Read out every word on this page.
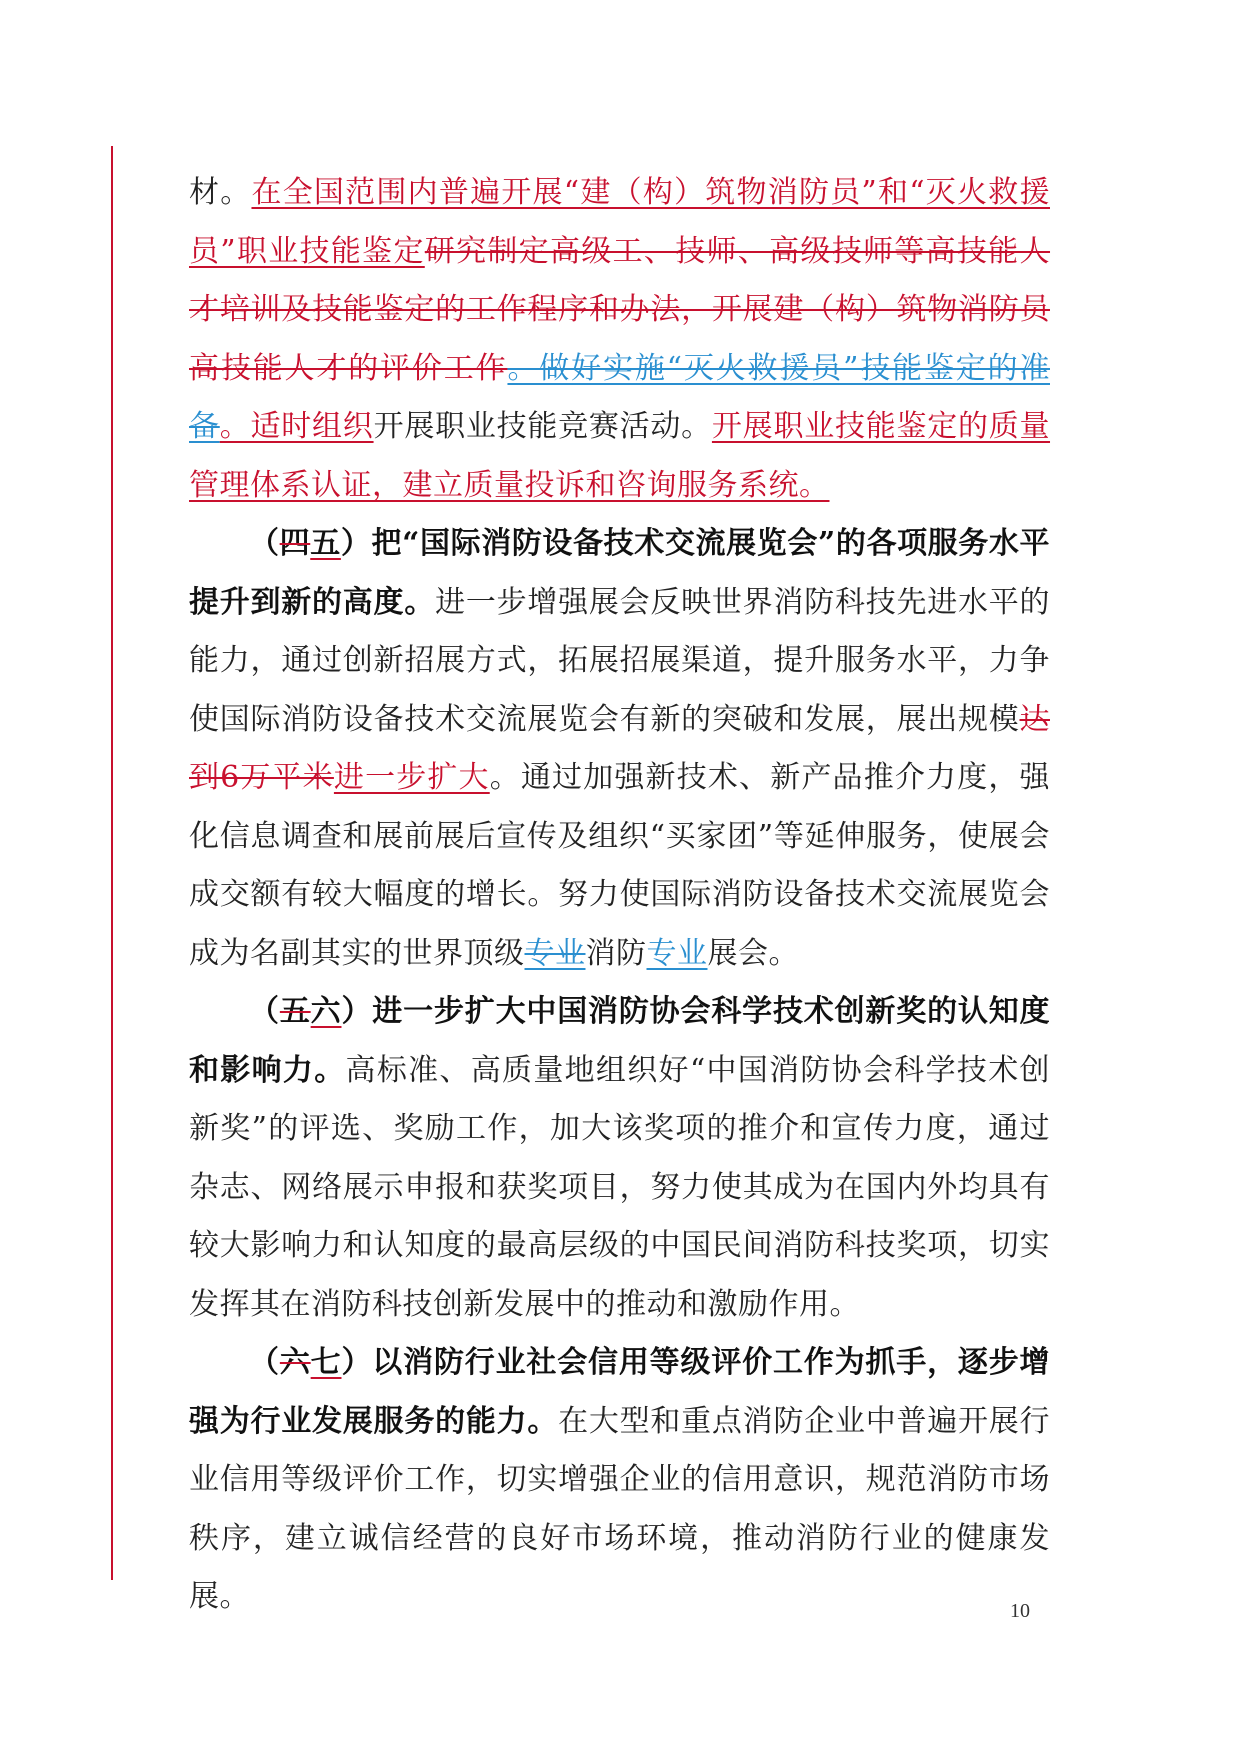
材。在全国范围内普遍开展“建（构）筑物消防员”和“灭火救援员”职业技能鉴定研究制定高级工、技师、高级技师等高技能人才培训及技能鉴定的工作程序和办法，开展建（构）筑物消防员高技能人才的评价工作。做好实施“灭火救援员”技能鉴定的准备。适时组织开展职业技能竞赛活动。开展职业技能鉴定的质量管理体系认证，建立质量投诉和咨询服务系统。

（四五）把“国际消防设备技术交流展览会”的各项服务水平提升到新的高度。进一步增强展会反映世界消防科技先进水平的能力，通过创新招展方式，拓展招展渠道，提升服务水平，力争使国际消防设备技术交流展览会有新的突破和发展，展出规模达到6万平米进一步扩大。通过加强新技术、新产品推介力度，强化信息调查和展前展后宣传及组织“买家团”等延伸服务，使展会成交额有较大幅度的增长。努力使国际消防设备技术交流展览会成为名副其实的世界顶级专业消防专业展会。

（五六）进一步扩大中国消防协会科学技术创新奖的认知度和影响力。高标准、高质量地组织好“中国消防协会科学技术创新奖”的评选、奖励工作，加大该奖项的推介和宣传力度，通过杂志、网络展示申报和获奖项目，努力使其成为在国内外均具有较大影响力和认知度的最高层级的中国民间消防科技奖项，切实发挥其在消防科技创新发展中的推动和激励作用。

（六七）以消防行业社会信用等级评价工作为抓手，逐步增强为行业发展服务的能力。在大型和重点消防企业中普遍开展行业信用等级评价工作，切实增强企业的信用意识，规范消防市场秩序，建立诚信经营的良好市场环境，推动消防行业的健康发展。	10
